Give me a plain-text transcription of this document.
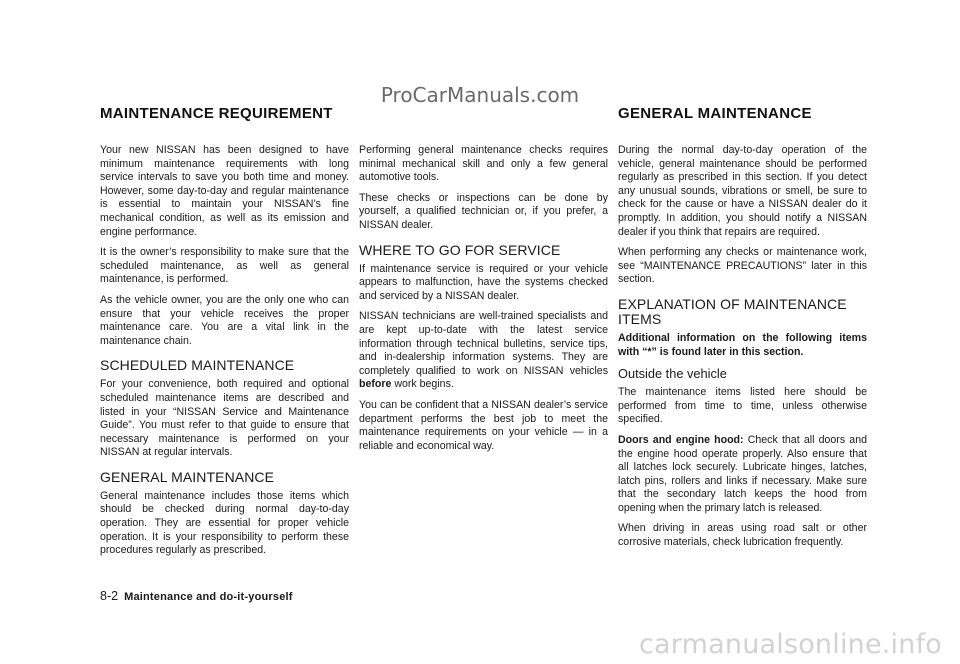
ProCarManuals.com
MAINTENANCE REQUIREMENT	GENERAL MAINTENANCE

Your new NISSAN has been designed to have minimum maintenance requirements with long service intervals to save you both time and money. However, some day-to-day and regular maintenance is essential to maintain your NISSAN’s fine mechanical condition, as well as its emission and engine performance.

It is the owner’s responsibility to make sure that the scheduled maintenance, as well as general maintenance, is performed.

As the vehicle owner, you are the only one who can ensure that your vehicle receives the proper maintenance care. You are a vital link in the maintenance chain.

SCHEDULED MAINTENANCE

For your convenience, both required and optional scheduled maintenance items are described and listed in your “NISSAN Service and Maintenance Guide”. You must refer to that guide to ensure that necessary maintenance is performed on your NISSAN at regular intervals.

GENERAL MAINTENANCE

General maintenance includes those items which should be checked during normal day-to-day operation. They are essential for proper vehicle operation. It is your responsibility to perform these procedures regularly as prescribed.

Performing general maintenance checks requires minimal mechanical skill and only a few general automotive tools.

These checks or inspections can be done by yourself, a qualified technician or, if you prefer, a NISSAN dealer.

WHERE TO GO FOR SERVICE

If maintenance service is required or your vehicle appears to malfunction, have the systems checked and serviced by a NISSAN dealer.

NISSAN technicians are well-trained specialists and are kept up-to-date with the latest service information through technical bulletins, service tips, and in-dealership information systems. They are completely qualified to work on NISSAN vehicles before work begins.

You can be confident that a NISSAN dealer’s service department performs the best job to meet the maintenance requirements on your vehicle — in a reliable and economical way.

During the normal day-to-day operation of the vehicle, general maintenance should be performed regularly as prescribed in this section. If you detect any unusual sounds, vibrations or smell, be sure to check for the cause or have a NISSAN dealer do it promptly. In addition, you should notify a NISSAN dealer if you think that repairs are required.

When performing any checks or maintenance work, see “MAINTENANCE PRECAUTIONS” later in this section.

EXPLANATION OF MAINTENANCE ITEMS

Additional information on the following items with “*” is found later in this section.

Outside the vehicle

The maintenance items listed here should be performed from time to time, unless otherwise specified.

Doors and engine hood: Check that all doors and the engine hood operate properly. Also ensure that all latches lock securely. Lubricate hinges, latches, latch pins, rollers and links if necessary. Make sure that the secondary latch keeps the hood from opening when the primary latch is released.

When driving in areas using road salt or other corrosive materials, check lubrication frequently.

8-2 Maintenance and do-it-yourself
carmanualsonline.info
